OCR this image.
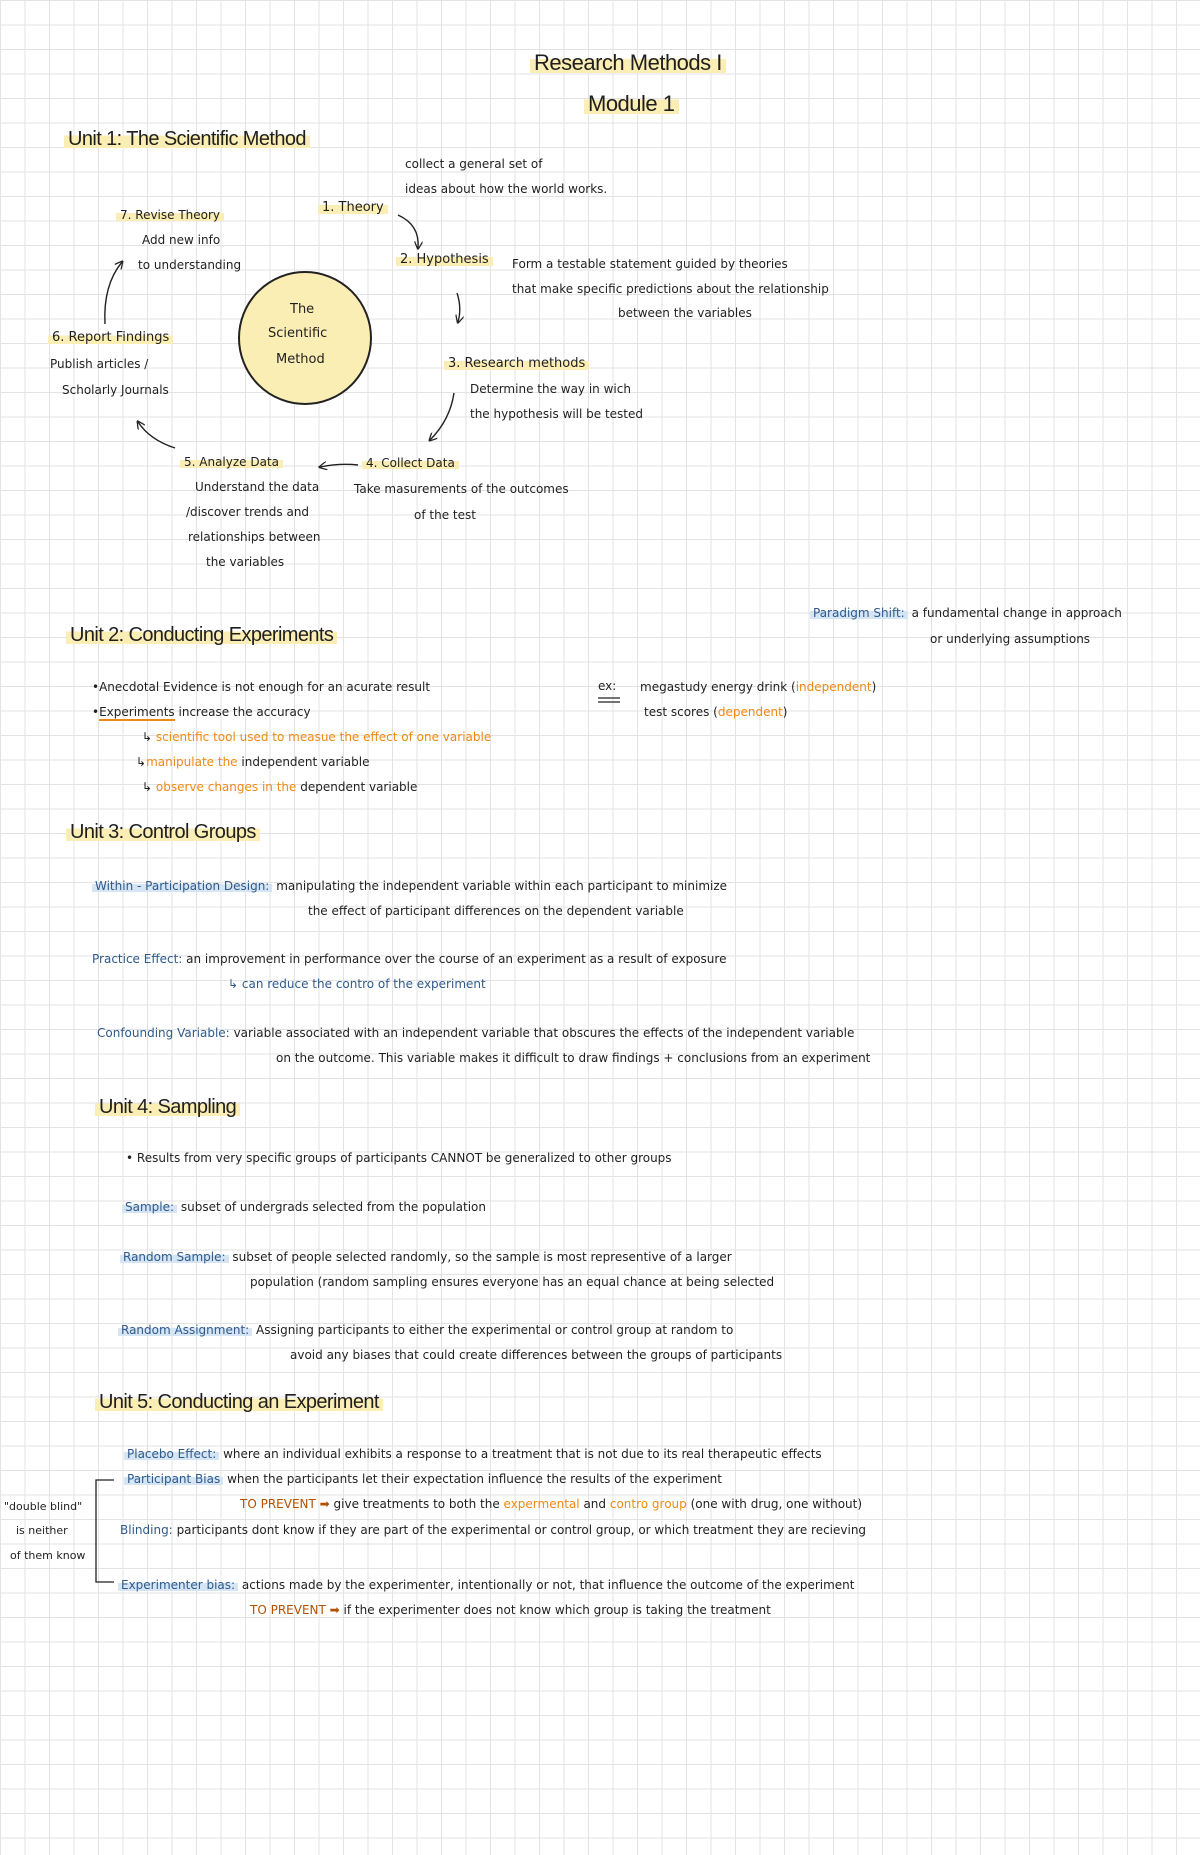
Research Methods I
Module 1
Unit 1: The Scientific Method
The
Scientific
Method
collect a general set of
ideas about how the world works.
1. Theory
2. Hypothesis	Form a testable statement guided by theories
that make specific predictions about the relationship
between the variables
3. Research methods
Determine the way in wich
the hypothesis will be tested
4. Collect Data
Take masurements of the outcomes
of the test
5. Analyze Data
Understand the data
/discover trends and
relationships between
the variables
6. Report Findings
Publish articles /
Scholarly Journals
7. Revise Theory
Add new info
to understanding
Paradigm Shift: a fundamental change in approach
or underlying assumptions
Unit 2: Conducting Experiments
•Anecdotal Evidence is not enough for an acurate result
•Experiments increase the accuracy
↳ scientific tool used to measue the effect of one variable
↳manipulate the independent variable
↳ observe changes in the dependent variable
ex: megastudy energy drink (independent)
test scores (dependent)
Unit 3: Control Groups
Within - Participation Design: manipulating the independent variable within each participant to minimize
the effect of participant differences on the dependent variable
Practice Effect: an improvement in performance over the course of an experiment as a result of exposure
↳ can reduce the contro of the experiment
Confounding Variable: variable associated with an independent variable that obscures the effects of the independent variable
on the outcome. This variable makes it difficult to draw findings + conclusions from an experiment
Unit 4: Sampling
• Results from very specific groups of participants CANNOT be generalized to other groups
Sample: subset of undergrads selected from the population
Random Sample: subset of people selected randomly, so the sample is most representive of a larger
population (random sampling ensures everyone has an equal chance at being selected
Random Assignment: Assigning participants to either the experimental or control group at random to
avoid any biases that could create differences between the groups of participants
Unit 5: Conducting an Experiment
Placebo Effect: where an individual exhibits a response to a treatment that is not due to its real therapeutic effects
Participant Bias when the participants let their expectation influence the results of the experiment
TO PREVENT ➡ give treatments to both the expermental and contro group (one with drug, one without)
Blinding: participants dont know if they are part of the experimental or control group, or which treatment they are recieving
Experimenter bias: actions made by the experimenter, intentionally or not, that influence the outcome of the experiment
TO PREVENT ➡ if the experimenter does not know which group is taking the treatment
"double blind"
is neither
of them know
